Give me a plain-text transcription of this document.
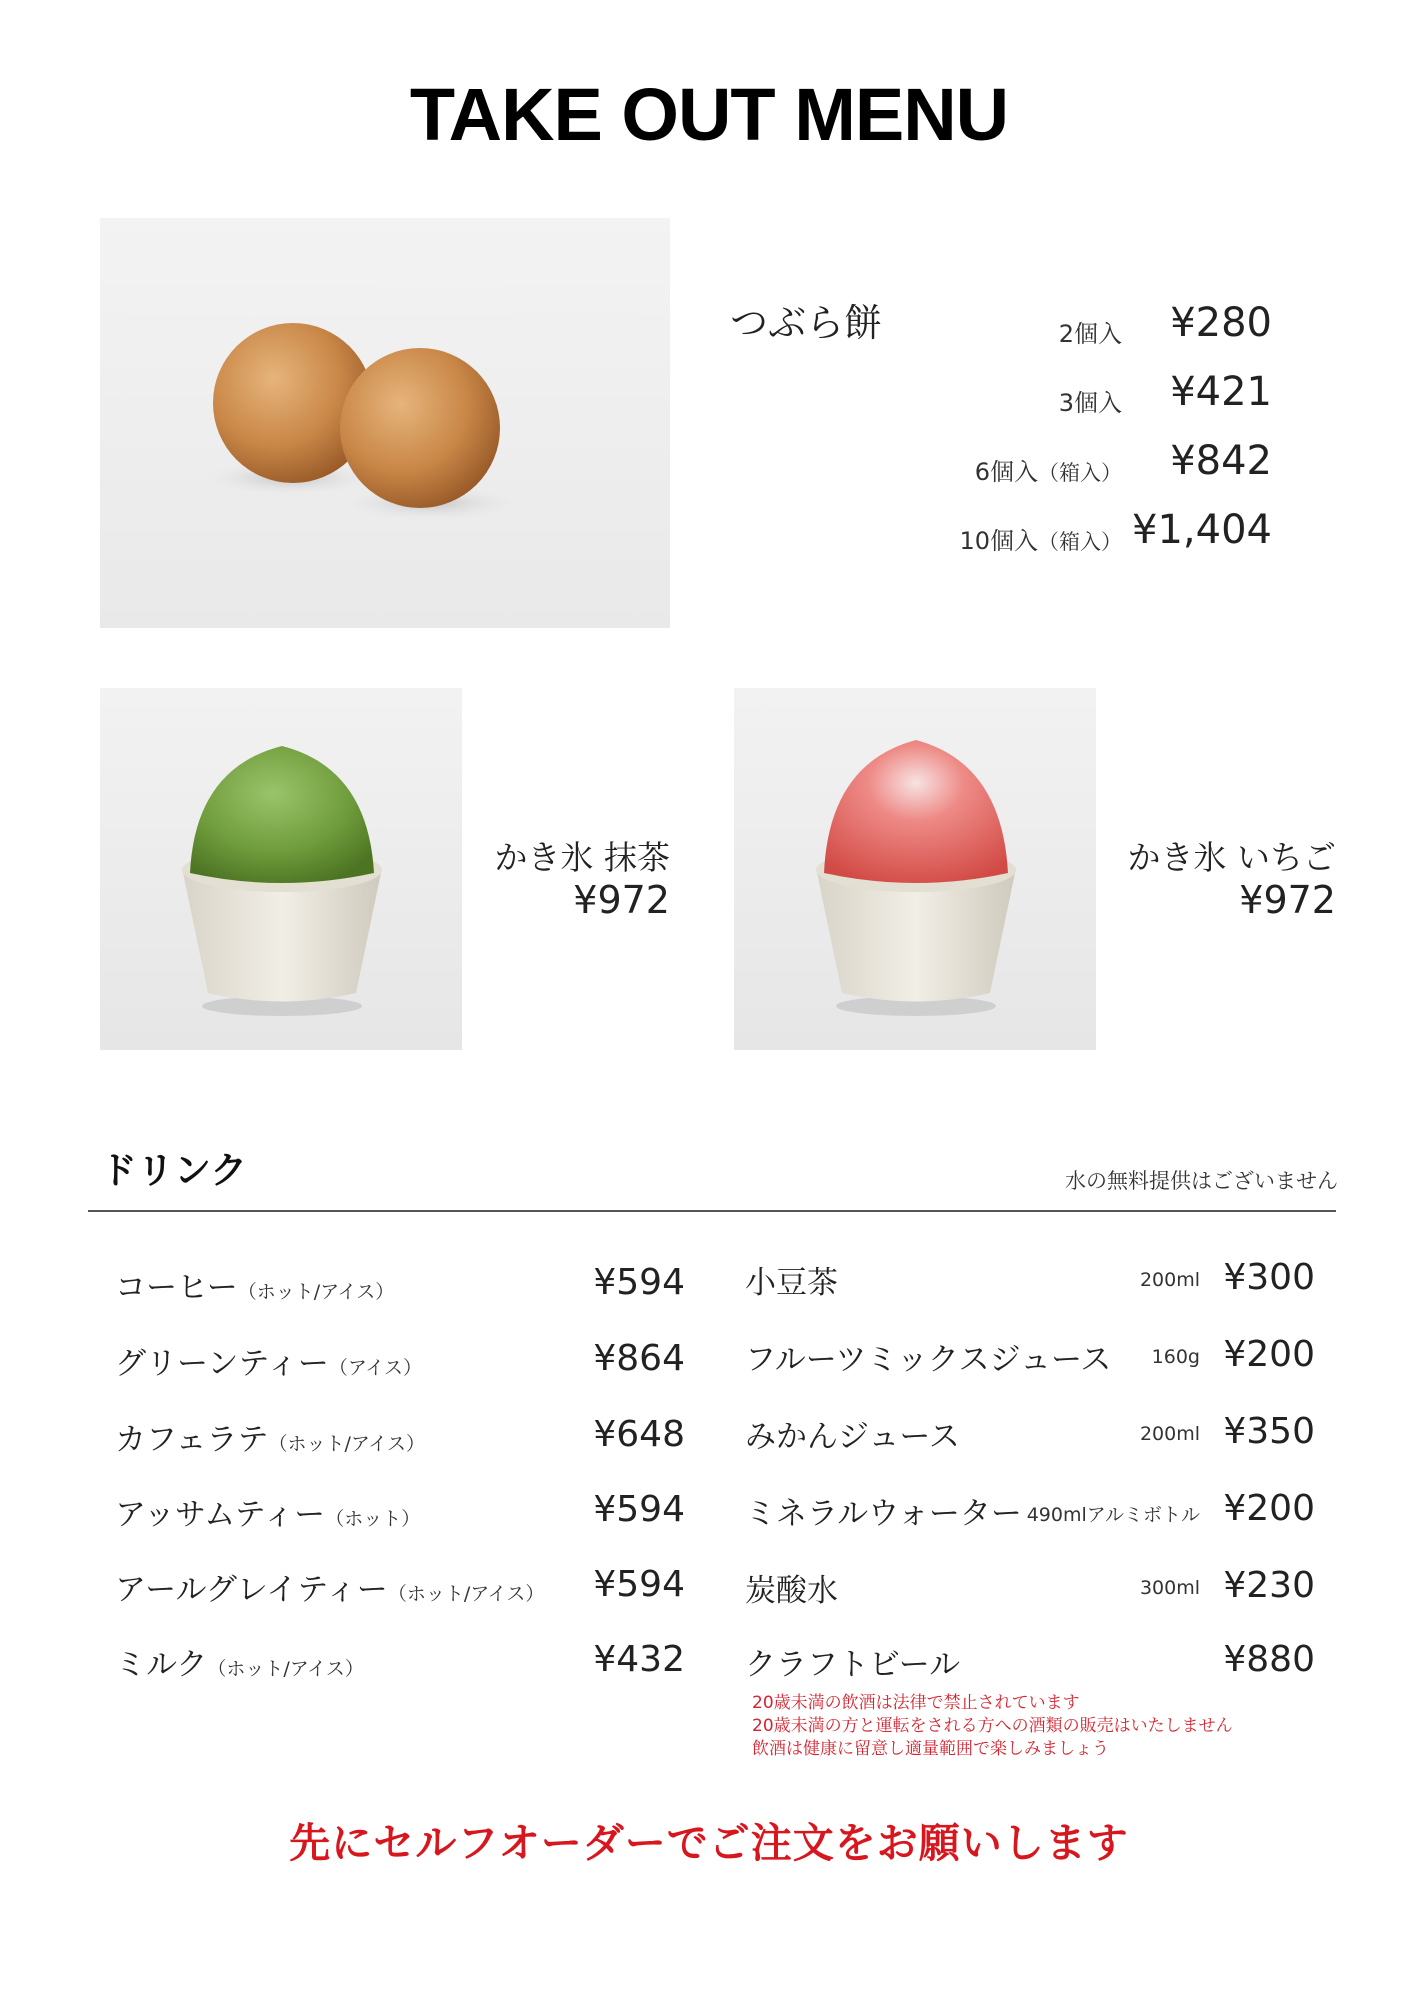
TAKE OUT MENU
つぶら餅	2個入 ¥280
3個入 ¥421
6個入（箱入） ¥842
10個入（箱入） ¥1,404
かき氷 抹茶
¥972
かき氷 いちご
¥972
ドリンク	水の無料提供はございません
コーヒー（ホット/アイス）	¥594
グリーンティー（アイス）	¥864
カフェラテ（ホット/アイス）	¥648
アッサムティー（ホット）	¥594
アールグレイティー（ホット/アイス） ¥594
ミルク（ホット/アイス）	¥432
小豆茶	200ml ¥300
フルーツミックスジュース 160g ¥200
みかんジュース	200ml ¥350
ミネラルウォーター 490mlアルミボトル ¥200
炭酸水	300ml ¥230
クラフトビール	¥880
20歳未満の飲酒は法律で禁止されています
20歳未満の方と運転をされる方への酒類の販売はいたしません
飲酒は健康に留意し適量範囲で楽しみましょう
先にセルフオーダーでご注文をお願いします
